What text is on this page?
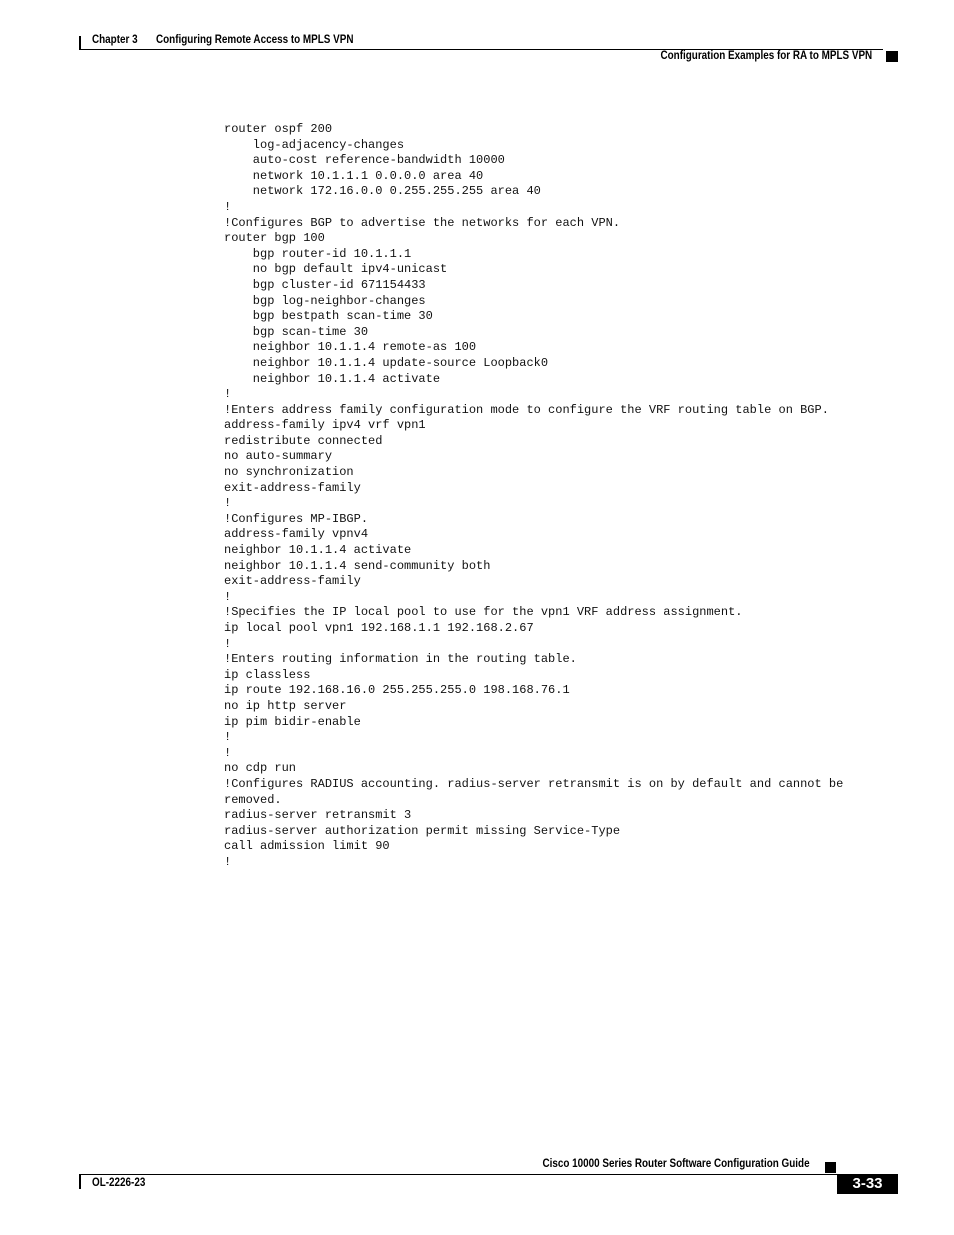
Chapter 3 Configuring Remote Access to MPLS VPN
Configuration Examples for RA to MPLS VPN
router ospf 200
log-adjacency-changes
auto-cost reference-bandwidth 10000
network 10.1.1.1 0.0.0.0 area 40
network 172.16.0.0 0.255.255.255 area 40
!
!Configures BGP to advertise the networks for each VPN.
router bgp 100
bgp router-id 10.1.1.1
no bgp default ipv4-unicast
bgp cluster-id 671154433
bgp log-neighbor-changes
bgp bestpath scan-time 30
bgp scan-time 30
neighbor 10.1.1.4 remote-as 100
neighbor 10.1.1.4 update-source Loopback0
neighbor 10.1.1.4 activate
!
!Enters address family configuration mode to configure the VRF routing table on BGP.
address-family ipv4 vrf vpn1
redistribute connected
no auto-summary
no synchronization
exit-address-family
!
!Configures MP-IBGP.
address-family vpnv4
neighbor 10.1.1.4 activate
neighbor 10.1.1.4 send-community both
exit-address-family
!
!Specifies the IP local pool to use for the vpn1 VRF address assignment.
ip local pool vpn1 192.168.1.1 192.168.2.67
!
!Enters routing information in the routing table.
ip classless
ip route 192.168.16.0 255.255.255.0 198.168.76.1
no ip http server
ip pim bidir-enable
!
!
no cdp run
!Configures RADIUS accounting. radius-server retransmit is on by default and cannot be
removed.
radius-server retransmit 3
radius-server authorization permit missing Service-Type
call admission limit 90
!
Cisco 10000 Series Router Software Configuration Guide
OL-2226-23	3-33
